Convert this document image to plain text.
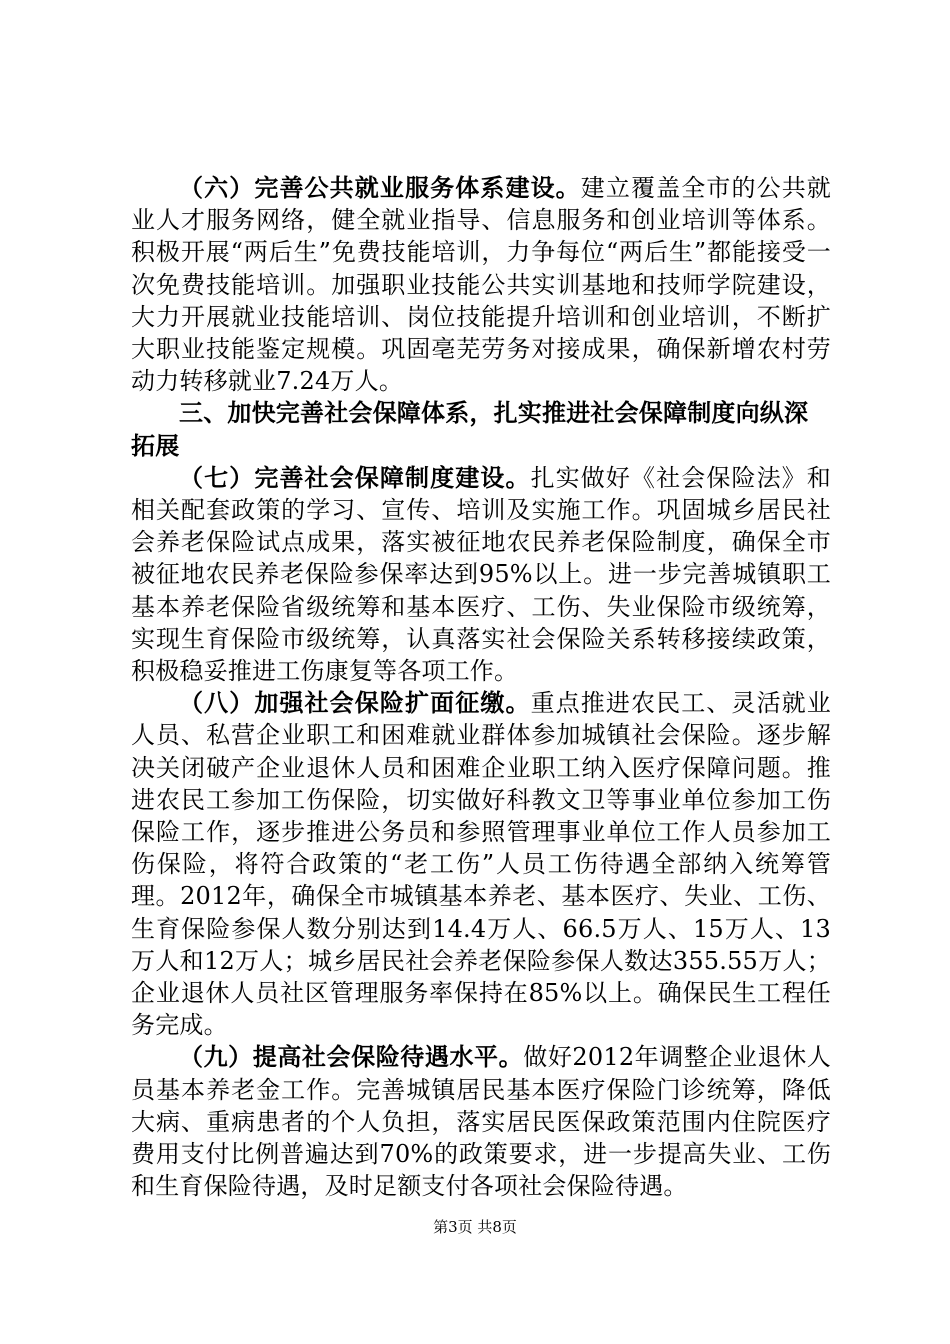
（六）完善公共就业服务体系建设。建立覆盖全市的公共就业人才服务网络，健全就业指导、信息服务和创业培训等体系。积极开展“两后生”免费技能培训，力争每位“两后生”都能接受一次免费技能培训。加强职业技能公共实训基地和技师学院建设，大力开展就业技能培训、岗位技能提升培训和创业培训，不断扩大职业技能鉴定规模。巩固亳芜劳务对接成果，确保新增农村劳动力转移就业7.24万人。

三、加快完善社会保障体系，扎实推进社会保障制度向纵深拓展

（七）完善社会保障制度建设。扎实做好《社会保险法》和相关配套政策的学习、宣传、培训及实施工作。巩固城乡居民社会养老保险试点成果，落实被征地农民养老保险制度，确保全市被征地农民养老保险参保率达到95%以上。进一步完善城镇职工基本养老保险省级统筹和基本医疗、工伤、失业保险市级统筹，实现生育保险市级统筹，认真落实社会保险关系转移接续政策，积极稳妥推进工伤康复等各项工作。

（八）加强社会保险扩面征缴。重点推进农民工、灵活就业人员、私营企业职工和困难就业群体参加城镇社会保险。逐步解决关闭破产企业退休人员和困难企业职工纳入医疗保障问题。推进农民工参加工伤保险，切实做好科教文卫等事业单位参加工伤保险工作，逐步推进公务员和参照管理事业单位工作人员参加工伤保险，将符合政策的“老工伤”人员工伤待遇全部纳入统筹管理。2012年，确保全市城镇基本养老、基本医疗、失业、工伤、生育保险参保人数分别达到14.4万人、66.5万人、15万人、13万人和12万人；城乡居民社会养老保险参保人数达355.55万人；企业退休人员社区管理服务率保持在85%以上。确保民生工程任务完成。

（九）提高社会保险待遇水平。做好2012年调整企业退休人员基本养老金工作。完善城镇居民基本医疗保险门诊统筹，降低大病、重病患者的个人负担，落实居民医保政策范围内住院医疗费用支付比例普遍达到70%的政策要求，进一步提高失业、工伤和生育保险待遇，及时足额支付各项社会保险待遇。

第3页 共8页
